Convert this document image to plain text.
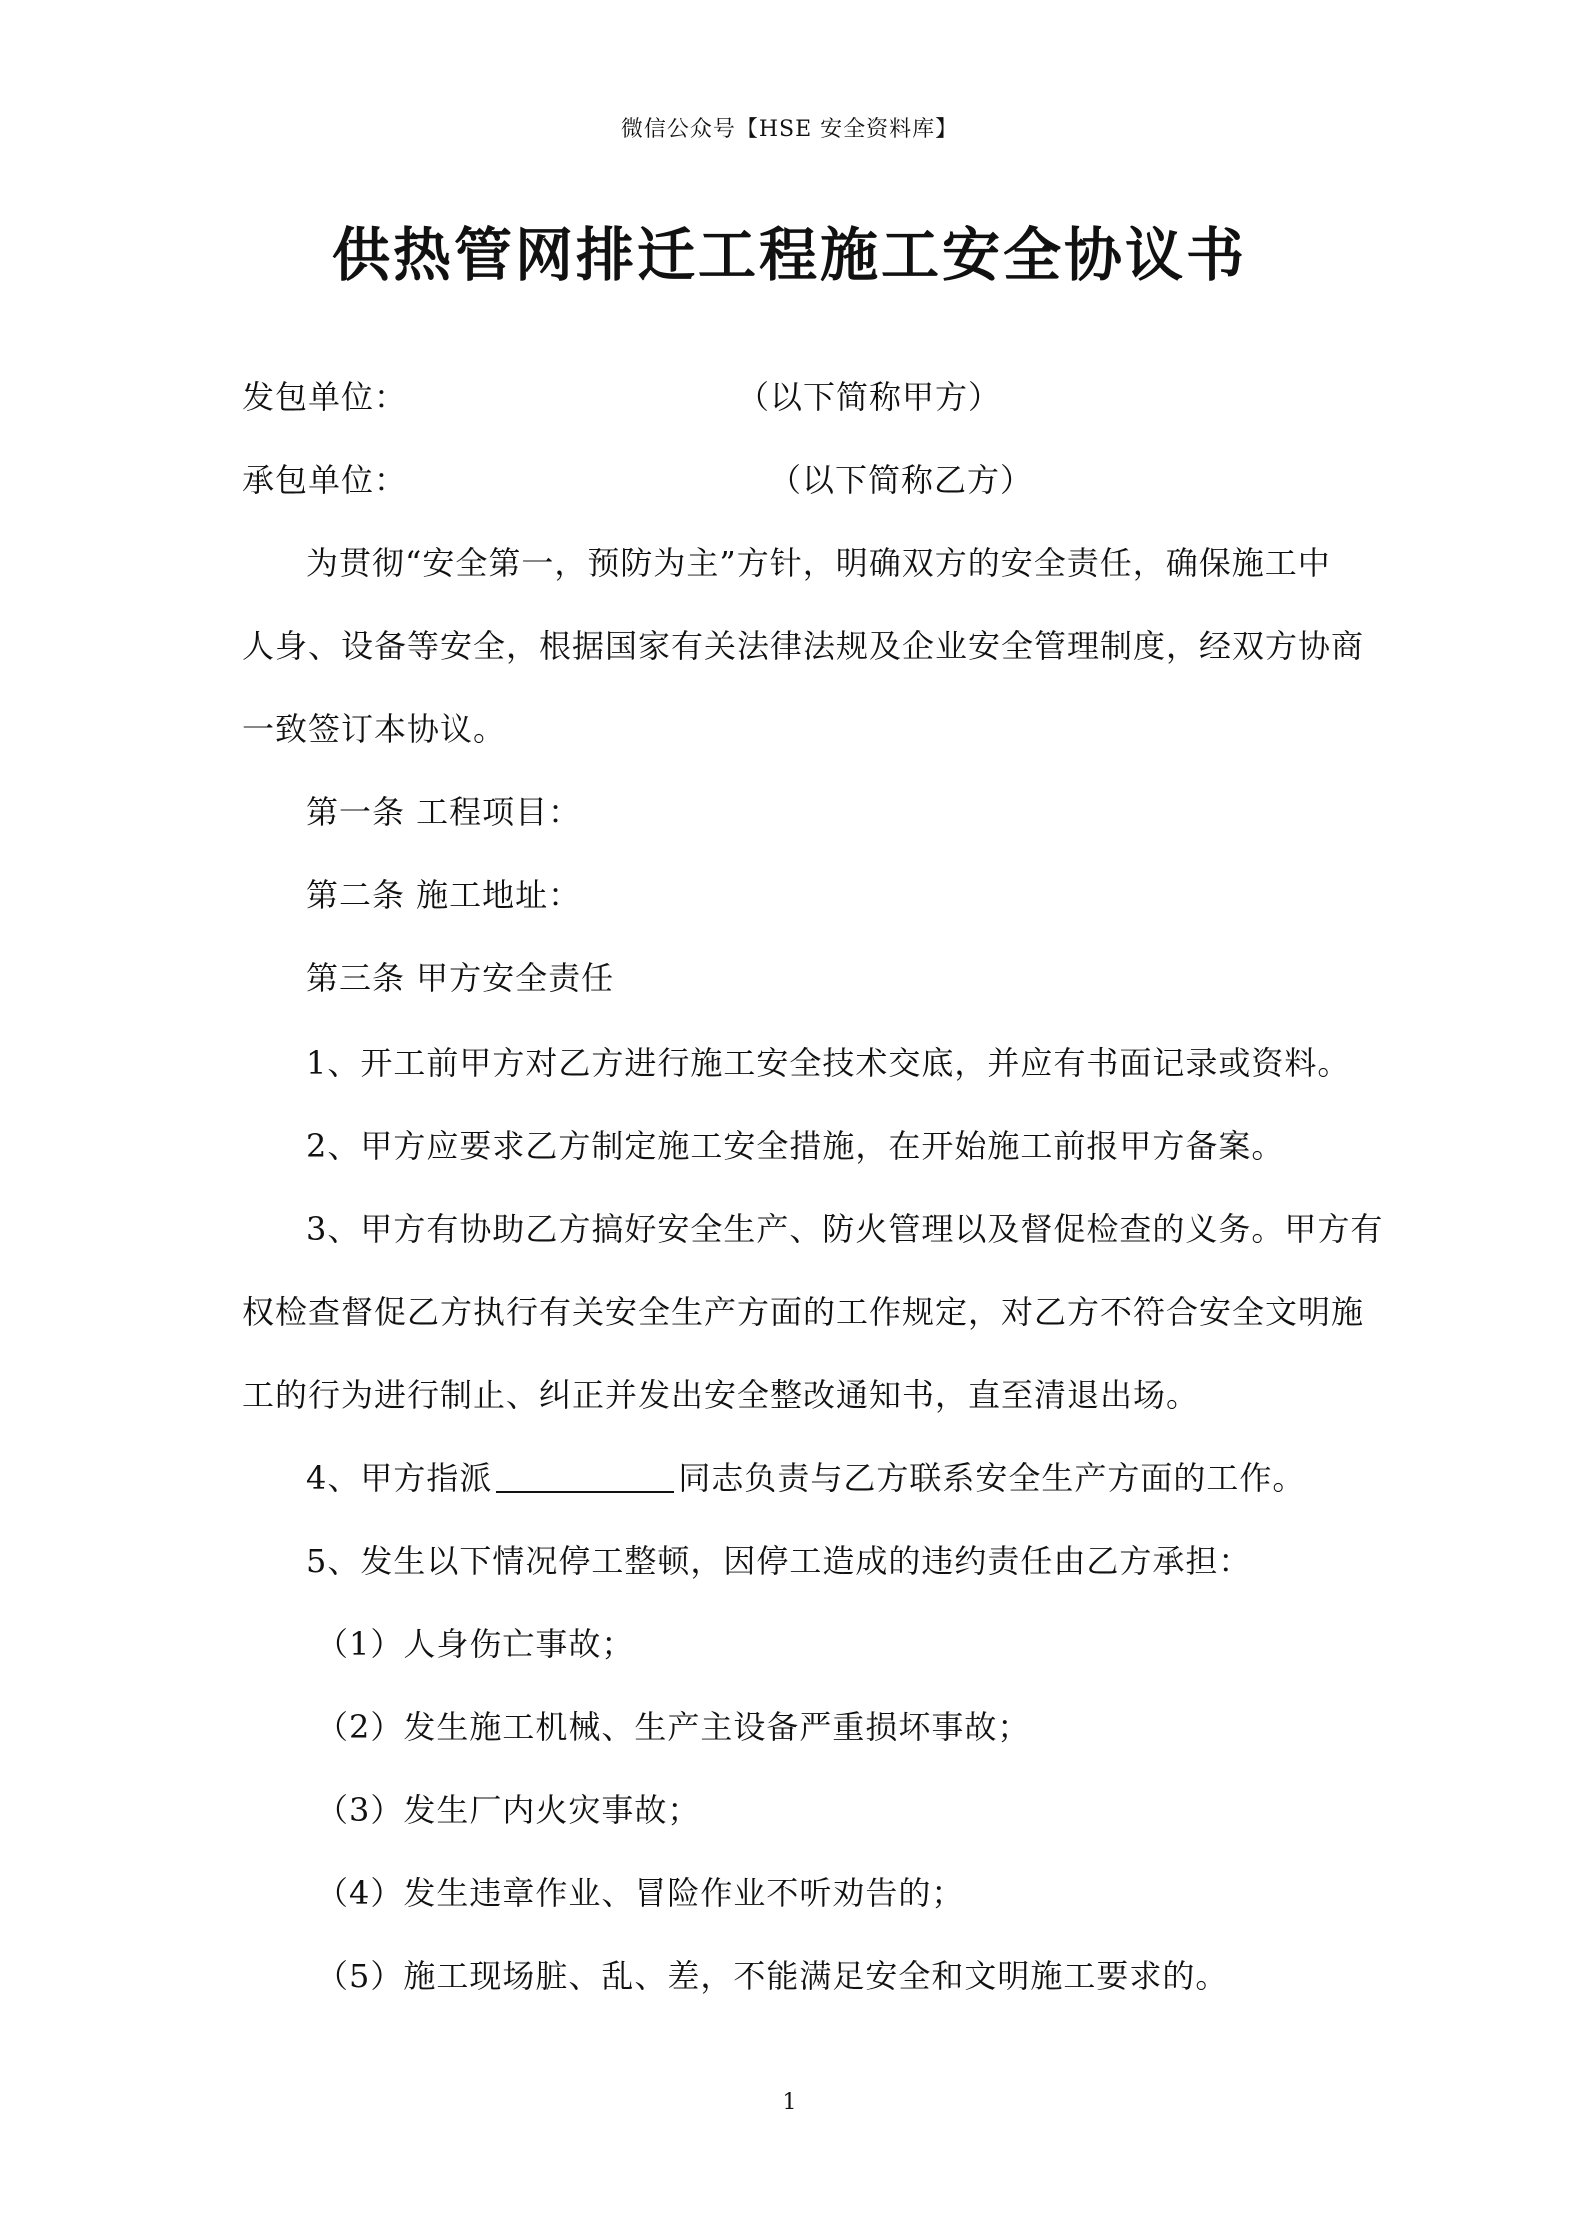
微信公众号【HSE 安全资料库】
供热管网排迁工程施工安全协议书
发包单位：	（以下简称甲方）
承包单位：	（以下简称乙方）
为贯彻“安全第一，预防为主”方针，明确双方的安全责任，确保施工中
人身、设备等安全，根据国家有关法律法规及企业安全管理制度，经双方协商
一致签订本协议。
第一条 工程项目：
第二条 施工地址：
第三条 甲方安全责任
1、开工前甲方对乙方进行施工安全技术交底，并应有书面记录或资料。
2、甲方应要求乙方制定施工安全措施，在开始施工前报甲方备案。
3、甲方有协助乙方搞好安全生产、防火管理以及督促检查的义务。甲方有
权检查督促乙方执行有关安全生产方面的工作规定，对乙方不符合安全文明施
工的行为进行制止、纠正并发出安全整改通知书，直至清退出场。
4、甲方指派	同志负责与乙方联系安全生产方面的工作。
5、发生以下情况停工整顿，因停工造成的违约责任由乙方承担：
（1）人身伤亡事故；
（2）发生施工机械、生产主设备严重损坏事故；
（3）发生厂内火灾事故；
（4）发生违章作业、冒险作业不听劝告的；
（5）施工现场脏、乱、差，不能满足安全和文明施工要求的。
1
